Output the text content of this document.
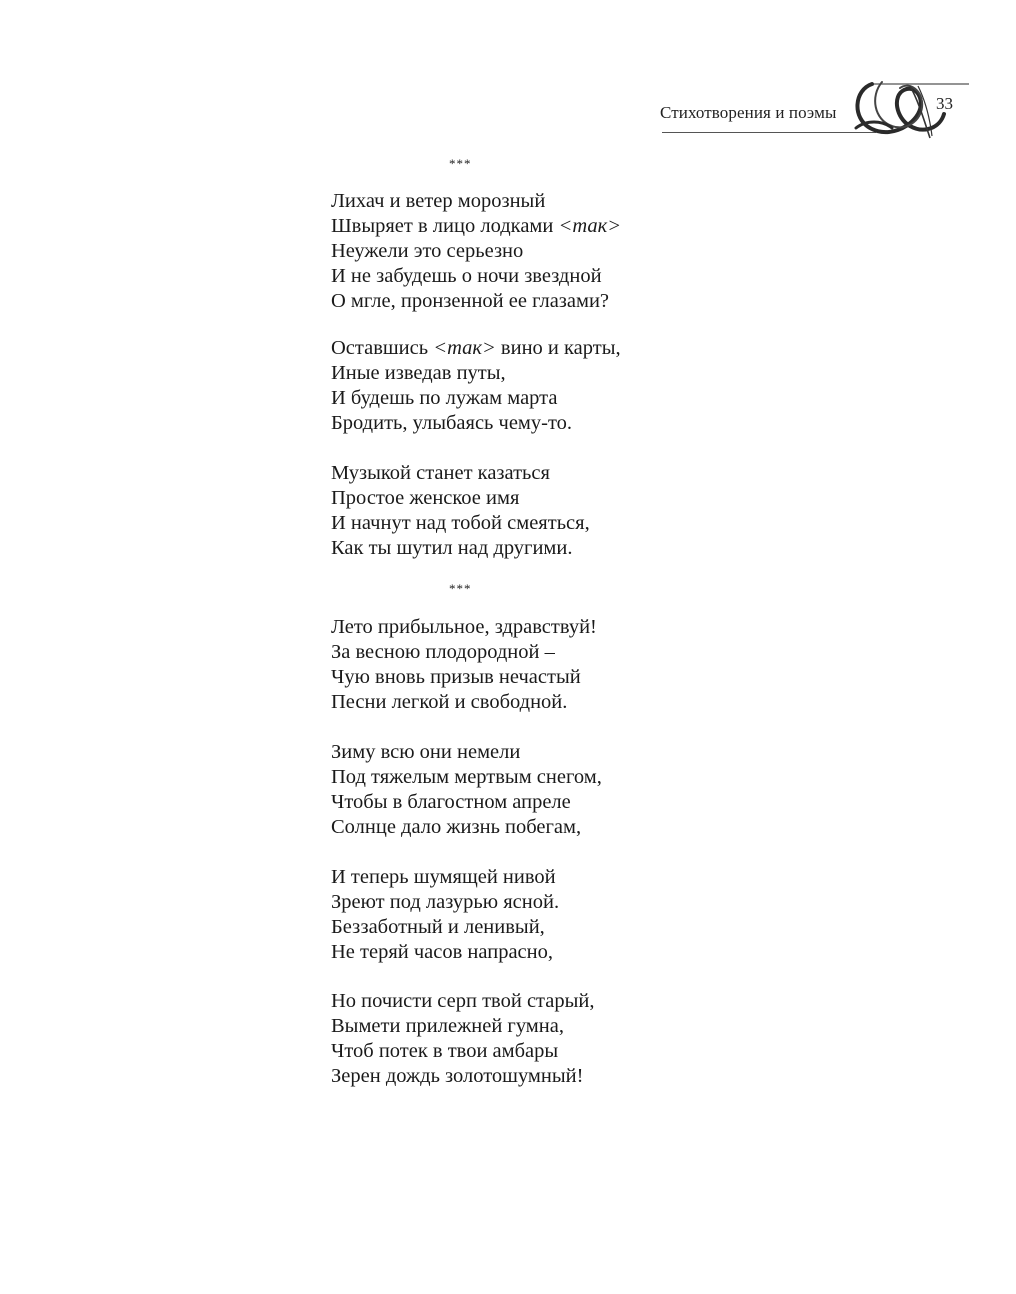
Стихотворения и поэмы	33
***
Лихач и ветер морозный
Швыряет в лицо лодками <так>
Неужели это серьезно
И не забудешь о ночи звездной
О мгле, пронзенной ее глазами?
Оставшись <так> вино и карты,
Иные изведав путы,
И будешь по лужам марта
Бродить, улыбаясь чему-то.
Музыкой станет казаться
Простое женское имя
И начнут над тобой смеяться,
Как ты шутил над другими.
***
Лето прибыльное, здравствуй!
За весною плодородной –
Чую вновь призыв нечастый
Песни легкой и свободной.
Зиму всю они немели
Под тяжелым мертвым снегом,
Чтобы в благостном апреле
Солнце дало жизнь побегам,
И теперь шумящей нивой
Зреют под лазурью ясной.
Беззаботный и ленивый,
Не теряй часов напрасно,
Но почисти серп твой старый,
Вымети прилежней гумна,
Чтоб потек в твои амбары
Зерен дождь золотошумный!
